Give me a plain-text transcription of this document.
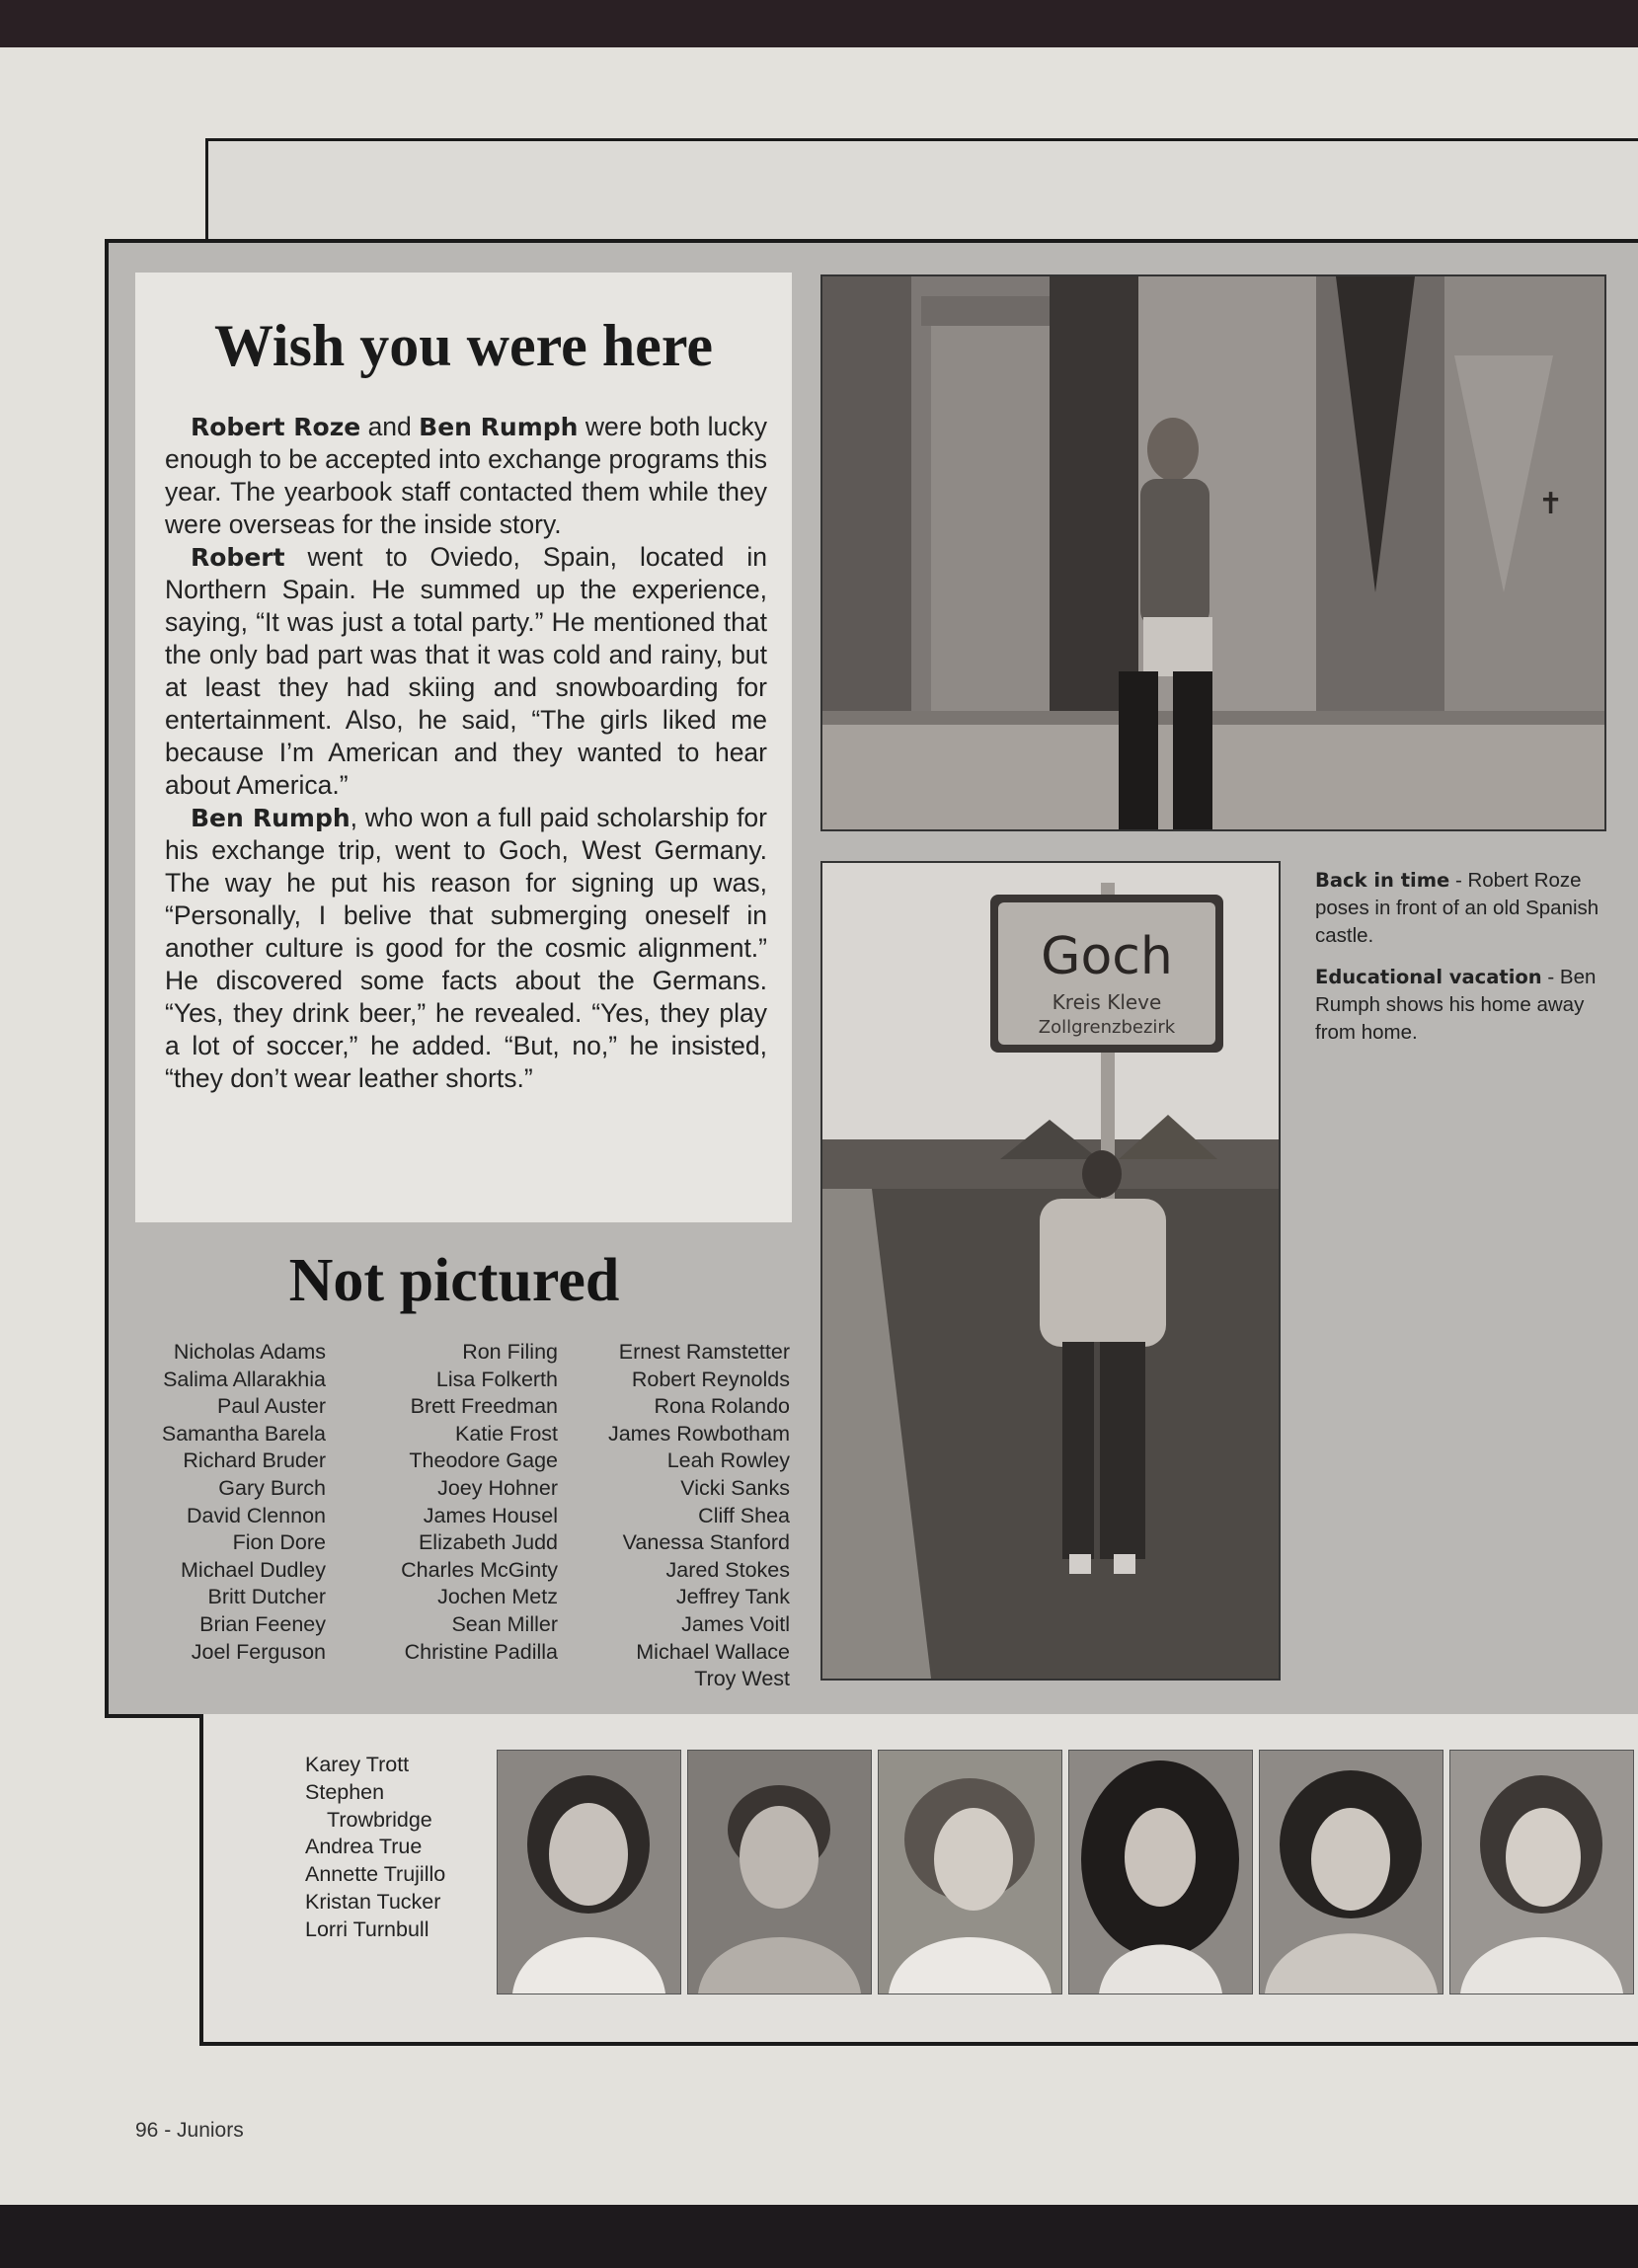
Wish you were here

Robert Roze and Ben Rumph were both lucky enough to be accepted into exchange programs this year. The yearbook staff contacted them while they were overseas for the inside story.

Robert went to Oviedo, Spain, located in Northern Spain. He summed up the experience, saying, “It was just a total party.” He mentioned that the only bad part was that it was cold and rainy, but at least they had skiing and snowboarding for entertainment. Also, he said, “The girls liked me because I’m American and they wanted to hear about America.”

Ben Rumph, who won a full paid scholarship for his exchange trip, went to Goch, West Germany. The way he put his reason for signing up was, “Personally, I belive that submerging oneself in another culture is good for the cosmic alignment.” He discovered some facts about the Germans. “Yes, they drink beer,” he revealed. “Yes, they play a lot of soccer,” he added. “But, no,” he insisted, “they don’t wear leather shorts.”

Not pictured
Nicholas Adams
Salima Allarakhia
Paul Auster
Samantha Barela
Richard Bruder
Gary Burch
David Clennon
Fion Dore
Michael Dudley
Britt Dutcher
Brian Feeney
Joel Ferguson
Ron Filing
Lisa Folkerth
Brett Freedman
Katie Frost
Theodore Gage
Joey Hohner
James Housel
Elizabeth Judd
Charles McGinty
Jochen Metz
Sean Miller
Christine Padilla
Ernest Ramstetter
Robert Reynolds
Rona Rolando
James Rowbotham
Leah Rowley
Vicki Sanks
Cliff Shea
Vanessa Stanford
Jared Stokes
Jeffrey Tank
James Voitl
Michael Wallace
Troy West
✝
Goch
Kreis Kleve
Zollgrenzbezirk

Back in time - Robert Roze poses in front of an old Spanish castle.

Educational vacation - Ben Rumph shows his home away from home.

Karey Trott
Stephen
Trowbridge
Andrea True
Annette Trujillo
Kristan Tucker
Lorri Turnbull
96 - Juniors
